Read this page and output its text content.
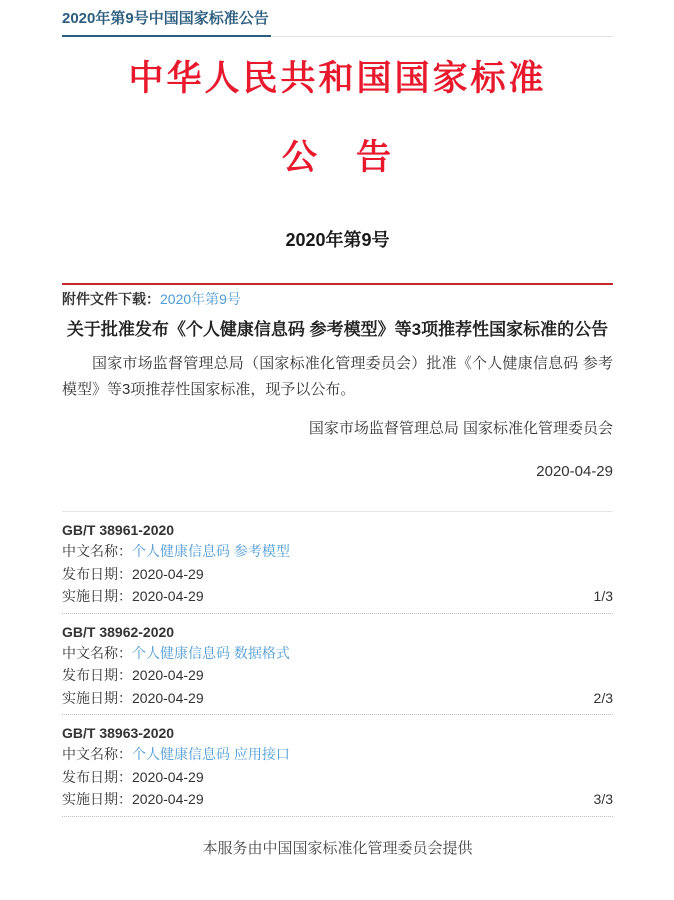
2020年第9号中国国家标准公告
中华人民共和国国家标准
公　告
2020年第9号
附件文件下载：2020年第9号
关于批准发布《个人健康信息码 参考模型》等3项推荐性国家标准的公告
国家市场监督管理总局（国家标准化管理委员会）批准《个人健康信息码 参考模型》等3项推荐性国家标准，现予以公布。
国家市场监督管理总局 国家标准化管理委员会
2020-04-29
GB/T 38961-2020
中文名称： 个人健康信息码 参考模型
发布日期： 2020-04-29
实施日期： 2020-04-29	1/3
GB/T 38962-2020
中文名称： 个人健康信息码 数据格式
发布日期： 2020-04-29
实施日期： 2020-04-29	2/3
GB/T 38963-2020
中文名称： 个人健康信息码 应用接口
发布日期： 2020-04-29
实施日期： 2020-04-29	3/3
本服务由中国国家标准化管理委员会提供
